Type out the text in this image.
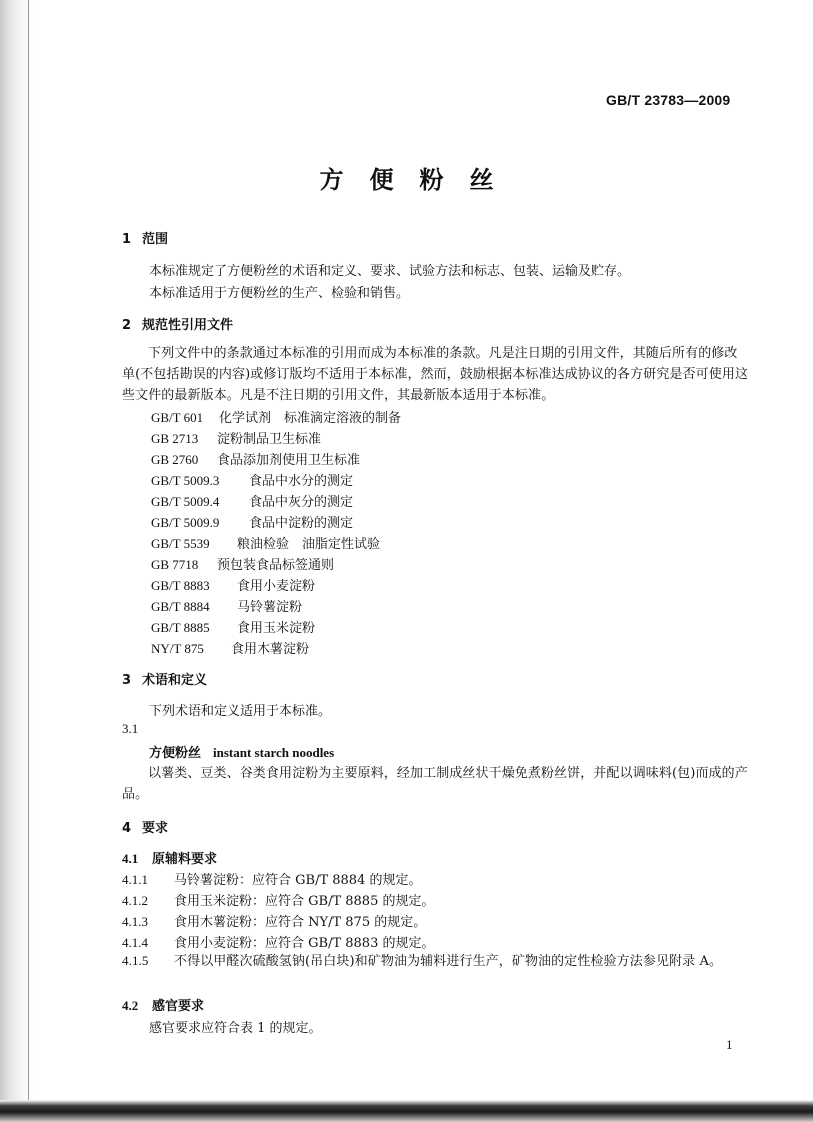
GB/T 23783—2009
方便粉丝
1 范围
本标准规定了方便粉丝的术语和定义、要求、试验方法和标志、包装、运输及贮存。
本标准适用于方便粉丝的生产、检验和销售。
2 规范性引用文件
下列文件中的条款通过本标准的引用而成为本标准的条款。凡是注日期的引用文件，其随后所有的修改单(不包括勘误的内容)或修订版均不适用于本标准，然而，鼓励根据本标准达成协议的各方研究是否可使用这些文件的最新版本。凡是不注日期的引用文件，其最新版本适用于本标准。
GB/T 601 化学试剂　标准滴定溶液的制备
GB 2713 淀粉制品卫生标准
GB 2760 食品添加剂使用卫生标准
GB/T 5009.3 食品中水分的测定
GB/T 5009.4 食品中灰分的测定
GB/T 5009.9 食品中淀粉的测定
GB/T 5539 粮油检验　油脂定性试验
GB 7718 预包装食品标签通则
GB/T 8883 食用小麦淀粉
GB/T 8884 马铃薯淀粉
GB/T 8885 食用玉米淀粉
NY/T 875 食用木薯淀粉
3 术语和定义
下列术语和定义适用于本标准。
3.1
方便粉丝 instant starch noodles
以薯类、豆类、谷类食用淀粉为主要原料，经加工制成丝状干燥免煮粉丝饼，并配以调味料(包)而成的产品。
4 要求
4.1 原辅料要求
4.1.1 马铃薯淀粉：应符合 GB/T 8884 的规定。
4.1.2 食用玉米淀粉：应符合 GB/T 8885 的规定。
4.1.3 食用木薯淀粉：应符合 NY/T 875 的规定。
4.1.4 食用小麦淀粉：应符合 GB/T 8883 的规定。
4.1.5 不得以甲醛次硫酸氢钠(吊白块)和矿物油为辅料进行生产，矿物油的定性检验方法参见附录 A。
4.2 感官要求
感官要求应符合表 1 的规定。
1
